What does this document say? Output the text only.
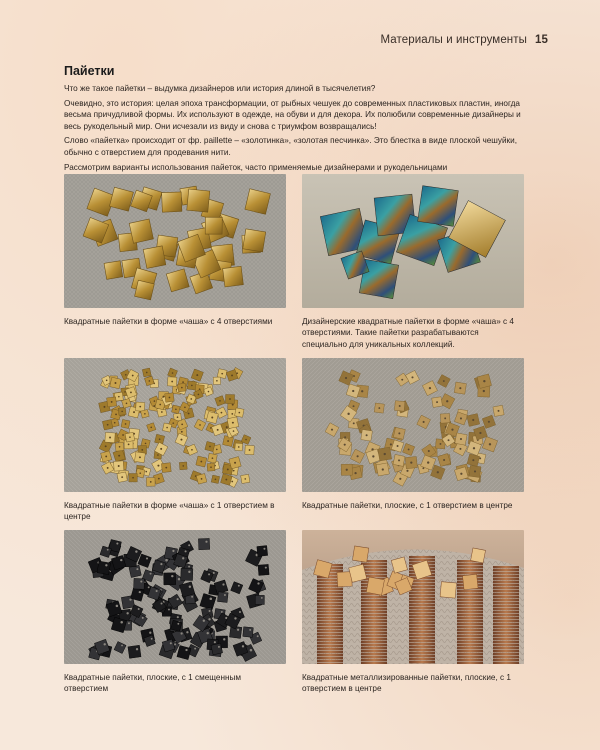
Материалы и инструменты 15
Пайетки

Что же такое пайетки – выдумка дизайнеров или история длиной в тысячелетия?

Очевидно, это история: целая эпоха трансформации, от рыбных чешуек до современных пластиковых пластин, иногда весьма причудливой формы. Их используют в одежде, на обуви и для декора. Их полюбили современные дизайнеры и весь рукодельный мир. Они исчезали из виду и снова с триумфом возвращались!

Слово «пайетка» происходит от фр. paillette – «золотинка», «золотая песчинка». Это блестка в виде плоской чешуйки, обычно с отверстием для продевания нити.

Рассмотрим варианты использования пайеток, часто применяемые дизайнерами и рукодельницами

Квадратные пайетки в форме «чаша» с 4 отверстиями	Дизайнерские квадратные пайетки в форме «чаша» с 4 отверстиями. Такие пайетки разрабатываются специально для уникальных коллекций.
Квадратные пайетки в форме «чаша» с 1 отверстием в центре
Квадратные пайетки, плоские, с 1 отверстием в центре
Квадратные пайетки, плоские, с 1 смещенным отверстием
Квадратные металлизированные пайетки, плоские, с 1 отверстием в центре
